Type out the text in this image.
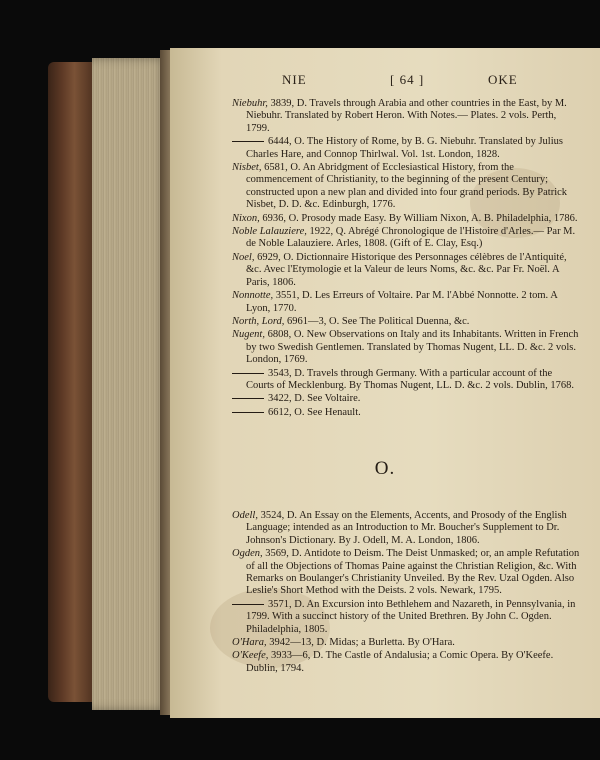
NIE	[ 64 ]	OKE
Niebuhr, 3839, D. Travels through Arabia and other countries in the East, by M. Niebuhr. Translated by Robert Heron. With Notes.— Plates. 2 vols. Perth, 1799.
6444, O. The History of Rome, by B. G. Niebuhr. Translated by Julius Charles Hare, and Connop Thirlwal. Vol. 1st. London, 1828.
Nisbet, 6581, O. An Abridgment of Ecclesiastical History, from the commencement of Christianity, to the beginning of the present Century; constructed upon a new plan and divided into four grand periods. By Patrick Nisbet, D. D. &c. Edinburgh, 1776.
Nixon, 6936, O. Prosody made Easy. By William Nixon, A. B. Philadelphia, 1786.
Noble Lalauziere, 1922, Q. Abrégé Chronologique de l'Histoire d'Arles.— Par M. de Noble Lalauziere. Arles, 1808. (Gift of E. Clay, Esq.)
Noel, 6929, O. Dictionnaire Historique des Personnages célèbres de l'Antiquité, &c. Avec l'Etymologie et la Valeur de leurs Noms, &c. &c. Par Fr. Noël. A Paris, 1806.
Nonnotte, 3551, D. Les Erreurs of Voltaire. Par M. l'Abbé Nonnotte. 2 tom. A Lyon, 1770.
North, Lord, 6961—3, O. See The Political Duenna, &c.
Nugent, 6808, O. New Observations on Italy and its Inhabitants. Written in French by two Swedish Gentlemen. Translated by Thomas Nugent, LL. D. &c. 2 vols. London, 1769.
3543, D. Travels through Germany. With a particular account of the Courts of Mecklenburg. By Thomas Nugent, LL. D. &c. 2 vols. Dublin, 1768.
3422, D. See Voltaire.
6612, O. See Henault.
O.
Odell, 3524, D. An Essay on the Elements, Accents, and Prosody of the English Language; intended as an Introduction to Mr. Boucher's Supplement to Dr. Johnson's Dictionary. By J. Odell, M. A. London, 1806.
Ogden, 3569, D. Antidote to Deism. The Deist Unmasked; or, an ample Refutation of all the Objections of Thomas Paine against the Christian Religion, &c. With Remarks on Boulanger's Christianity Unveiled. By the Rev. Uzal Ogden. Also Leslie's Short Method with the Deists. 2 vols. Newark, 1795.
3571, D. An Excursion into Bethlehem and Nazareth, in Pennsylvania, in 1799. With a succinct history of the United Brethren. By John C. Ogden. Philadelphia, 1805.
O'Hara, 3942—13, D. Midas; a Burletta. By O'Hara.
O'Keefe, 3933—6, D. The Castle of Andalusia; a Comic Opera. By O'Keefe. Dublin, 1794.
